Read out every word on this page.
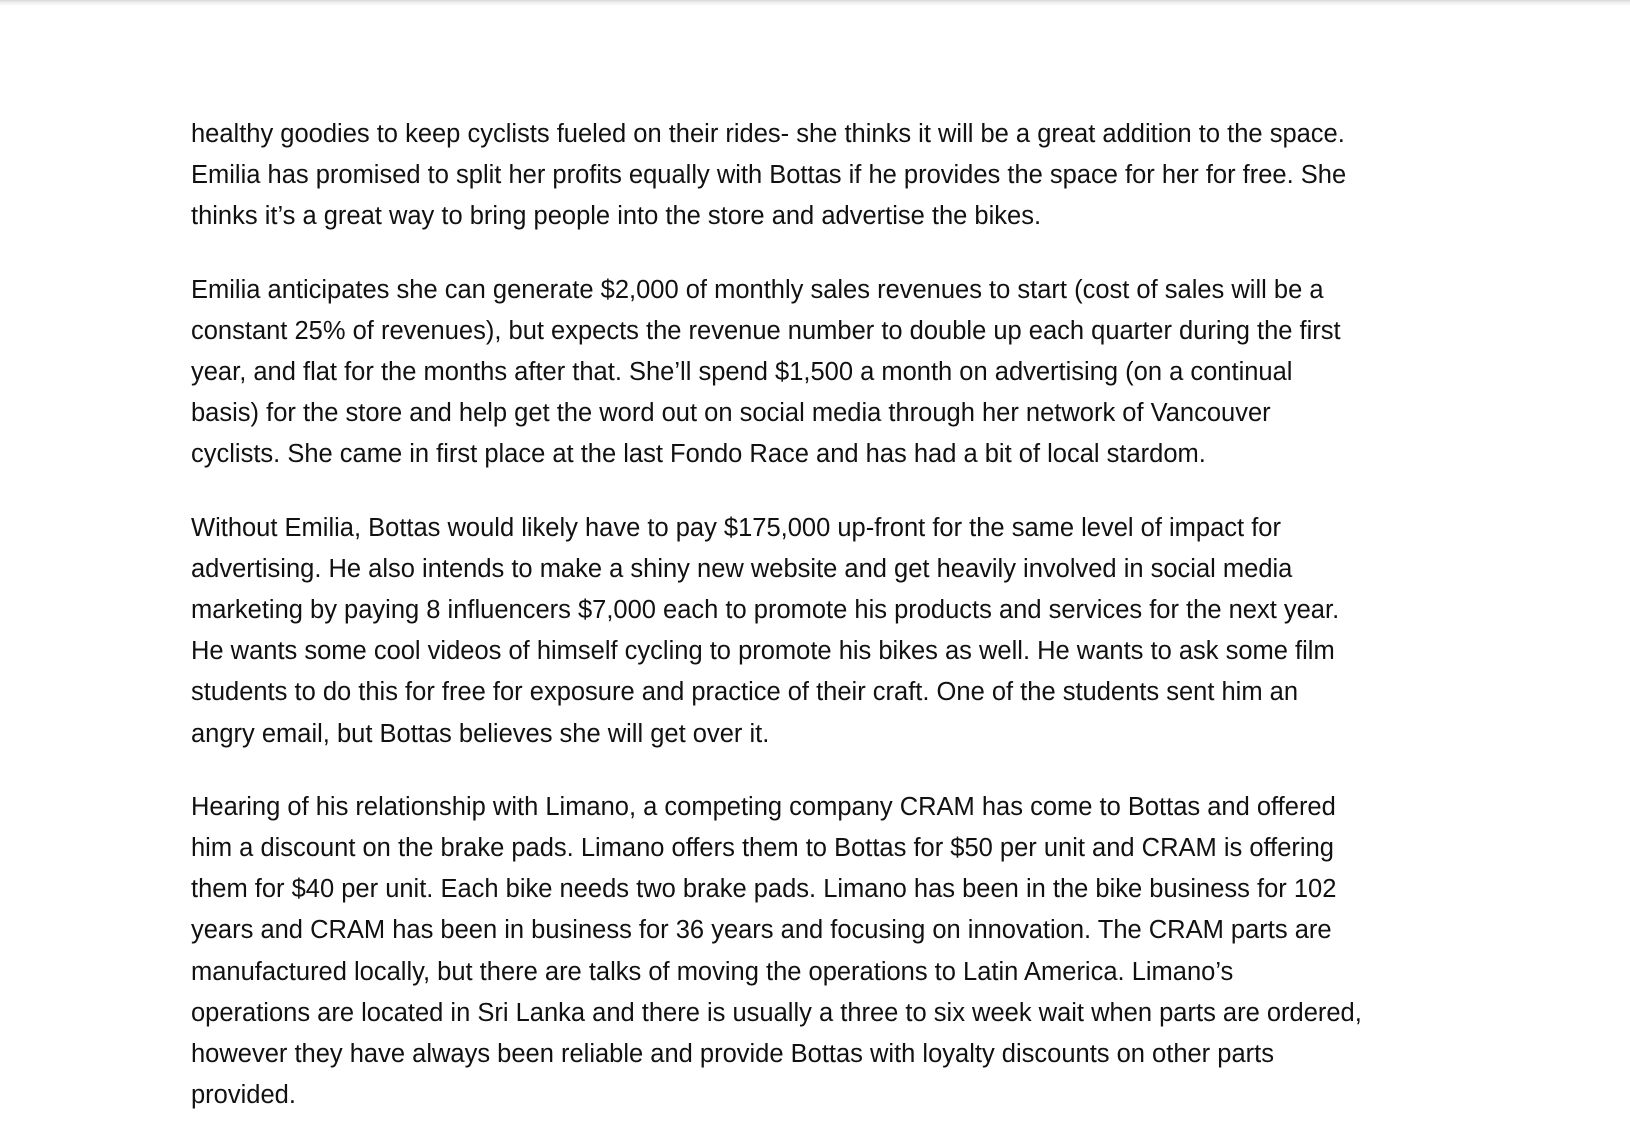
healthy goodies to keep cyclists fueled on their rides- she thinks it will be a great addition to the space.
Emilia has promised to split her profits equally with Bottas if he provides the space for her for free. She
thinks it’s a great way to bring people into the store and advertise the bikes.

Emilia anticipates she can generate $2,000 of monthly sales revenues to start (cost of sales will be a
constant 25% of revenues), but expects the revenue number to double up each quarter during the first
year, and flat for the months after that. She’ll spend $1,500 a month on advertising (on a continual
basis) for the store and help get the word out on social media through her network of Vancouver
cyclists. She came in first place at the last Fondo Race and has had a bit of local stardom.

Without Emilia, Bottas would likely have to pay $175,000 up-front for the same level of impact for
advertising. He also intends to make a shiny new website and get heavily involved in social media
marketing by paying 8 influencers $7,000 each to promote his products and services for the next year.
He wants some cool videos of himself cycling to promote his bikes as well. He wants to ask some film
students to do this for free for exposure and practice of their craft. One of the students sent him an
angry email, but Bottas believes she will get over it.

Hearing of his relationship with Limano, a competing company CRAM has come to Bottas and offered
him a discount on the brake pads. Limano offers them to Bottas for $50 per unit and CRAM is offering
them for $40 per unit. Each bike needs two brake pads. Limano has been in the bike business for 102
years and CRAM has been in business for 36 years and focusing on innovation. The CRAM parts are
manufactured locally, but there are talks of moving the operations to Latin America. Limano’s
operations are located in Sri Lanka and there is usually a three to six week wait when parts are ordered,
however they have always been reliable and provide Bottas with loyalty discounts on other parts
provided.
